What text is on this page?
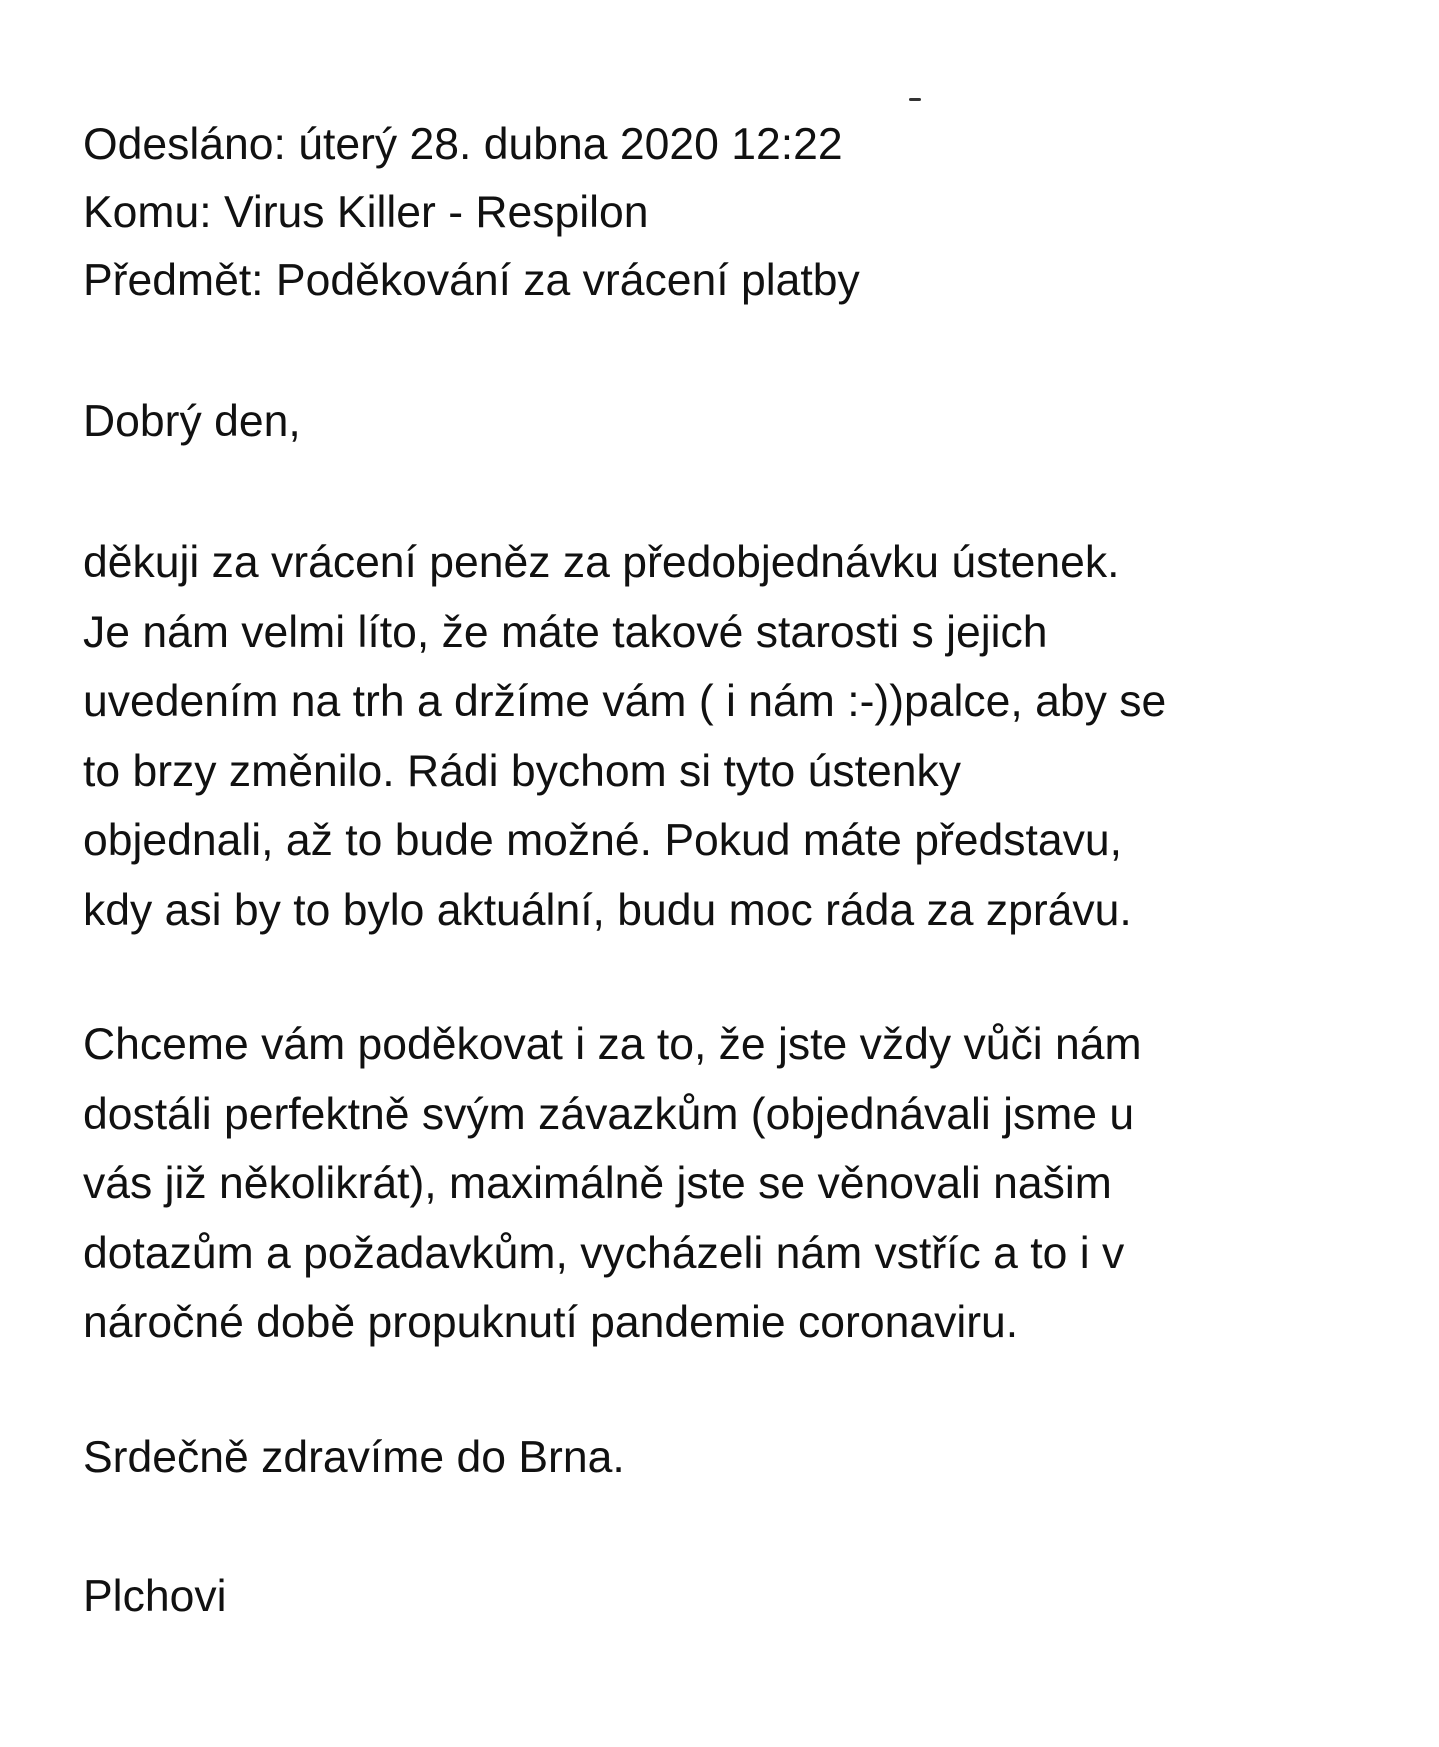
Odesláno: úterý 28. dubna 2020 12:22
Komu: Virus Killer - Respilon
Předmět: Poděkování za vrácení platby
Dobrý den,
děkuji za vrácení peněz za předobjednávku ústenek.
Je nám velmi líto, že máte takové starosti s jejich
uvedením na trh a držíme vám ( i nám :-))palce, aby se
to brzy změnilo. Rádi bychom si tyto ústenky
objednali, až to bude možné. Pokud máte představu,
kdy asi by to bylo aktuální, budu moc ráda za zprávu.
Chceme vám poděkovat i za to, že jste vždy vůči nám
dostáli perfektně svým závazkům (objednávali jsme u
vás již několikrát), maximálně jste se věnovali našim
dotazům a požadavkům, vycházeli nám vstříc a to i v
náročné době propuknutí pandemie coronaviru.
Srdečně zdravíme do Brna.
Plchovi
